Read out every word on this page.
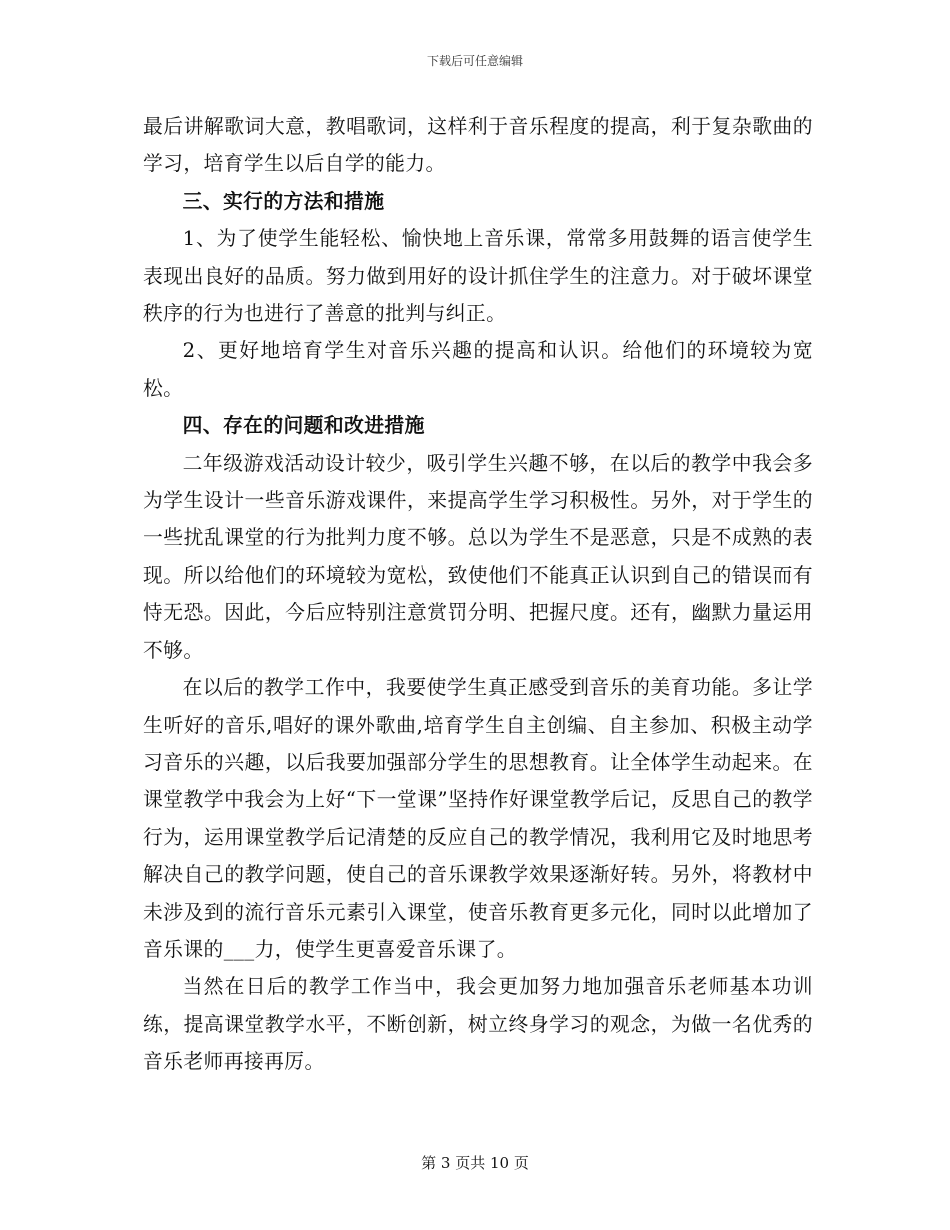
下载后可任意编辑

最后讲解歌词大意，教唱歌词，这样利于音乐程度的提高，利于复杂歌曲的学习，培育学生以后自学的能力。

三、实行的方法和措施

1、为了使学生能轻松、愉快地上音乐课，常常多用鼓舞的语言使学生表现出良好的品质。努力做到用好的设计抓住学生的注意力。对于破坏课堂秩序的行为也进行了善意的批判与纠正。

2、更好地培育学生对音乐兴趣的提高和认识。给他们的环境较为宽松。

四、存在的问题和改进措施

二年级游戏活动设计较少，吸引学生兴趣不够，在以后的教学中我会多为学生设计一些音乐游戏课件，来提高学生学习积极性。另外，对于学生的一些扰乱课堂的行为批判力度不够。总以为学生不是恶意，只是不成熟的表现。所以给他们的环境较为宽松，致使他们不能真正认识到自己的错误而有恃无恐。因此，今后应特别注意赏罚分明、把握尺度。还有，幽默力量运用不够。

在以后的教学工作中，我要使学生真正感受到音乐的美育功能。多让学生听好的音乐,唱好的课外歌曲,培育学生自主创编、自主参加、积极主动学习音乐的兴趣，以后我要加强部分学生的思想教育。让全体学生动起来。在课堂教学中我会为上好“下一堂课”坚持作好课堂教学后记，反思自己的教学行为，运用课堂教学后记清楚的反应自己的教学情况，我利用它及时地思考解决自己的教学问题，使自己的音乐课教学效果逐渐好转。另外，将教材中未涉及到的流行音乐元素引入课堂，使音乐教育更多元化，同时以此增加了音乐课的___力，使学生更喜爱音乐课了。

当然在日后的教学工作当中，我会更加努力地加强音乐老师基本功训练，提高课堂教学水平，不断创新，树立终身学习的观念，为做一名优秀的音乐老师再接再厉。

第 3 页共 10 页
